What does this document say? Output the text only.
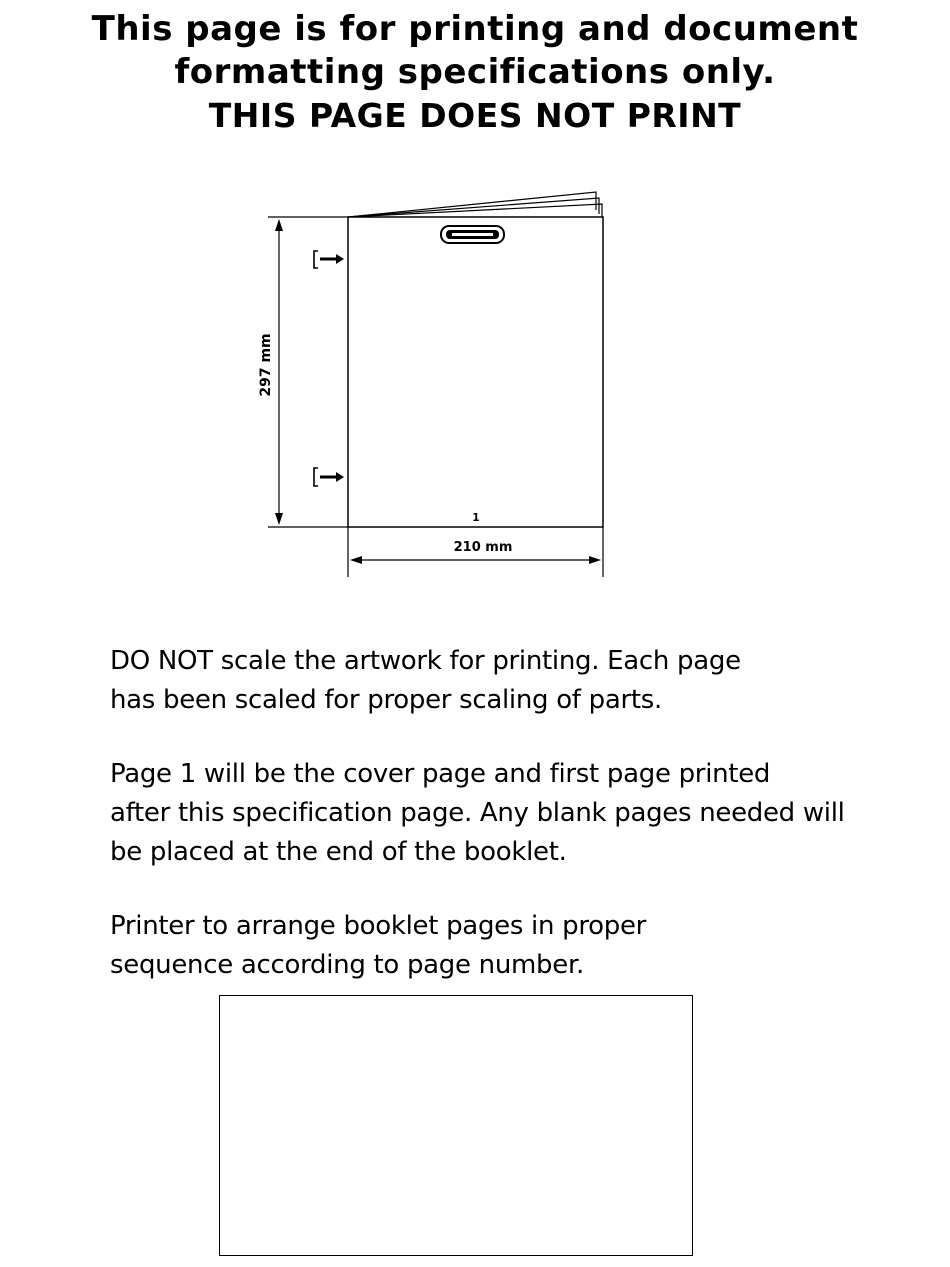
This page is for printing and document
formatting specifications only.
THIS PAGE DOES NOT PRINT
297 mm
1
210 mm

DO NOT scale the artwork for printing. Each page
has been scaled for proper scaling of parts.

Page 1 will be the cover page and first page printed
after this specification page. Any blank pages needed will
be placed at the end of the booklet.

Printer to arrange booklet pages in proper
sequence according to page number.
